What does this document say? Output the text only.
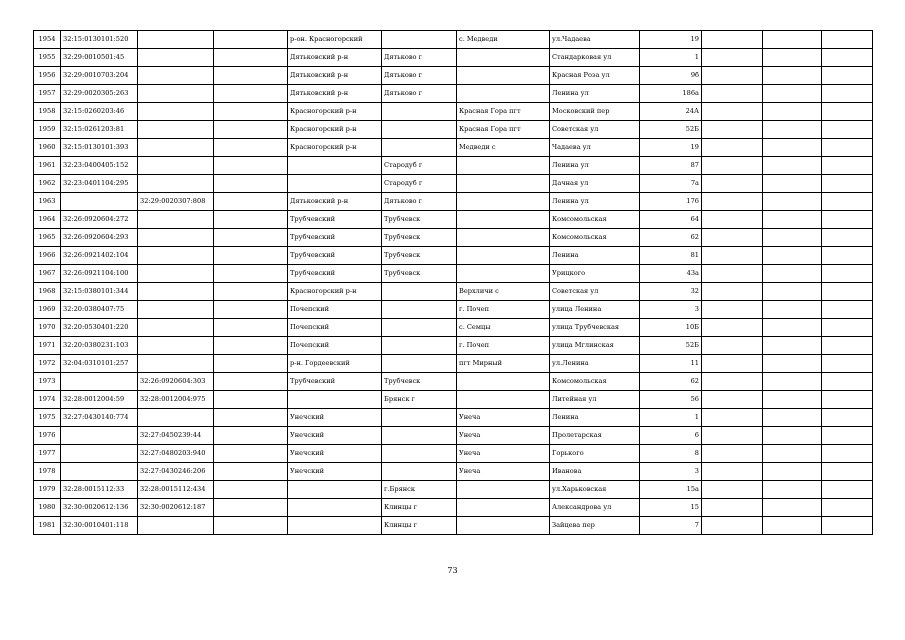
1954	32:15:0130101:520			р-он. Красногорский		с. Медведи	ул.Чадаева	19			
1955	32:29:0010501:45			Дятьковский р-н	Дятьково г		Стандарковая ул	1			
1956	32:29:0010703:204			Дятьковский р-н	Дятьково г		Красная Роза ул	9б			
1957	32:29:0020305:263			Дятьковский р-н	Дятьково г		Ленина ул	186а			
1958	32:15:0260203:46			Красногорский р-н		Красная Гора пгт	Московский пер	24А			
1959	32:15:0261203:81			Красногорский р-н		Красная Гора пгт	Советская ул	52Б			
1960	32:15:0130101:393			Красногорский р-н		Медведи с	Чадаева ул	19			
1961	32:23:0400405:152				Стародуб г		Ленина ул	87			
1962	32:23:0401104:295				Стародуб г		Дачная ул	7а			
1963		32:29:0020307:808		Дятьковский р-н	Дятьково г		Ленина ул	176			
1964	32:26:0920604:272			Трубчевский	Трубчевск		Комсомольская	64			
1965	32:26:0920604:293			Трубчевский	Трубчевск		Комсомольская	62			
1966	32:26:0921402:104			Трубчевский	Трубчевск		Ленина	81			
1967	32:26:0921104:100			Трубчевский	Трубчевск		Урицкого	43а			
1968	32:15:0380101:344			Красногорский р-н		Верхличи с	Советская ул	32			
1969	32:20:0380407:75			Почепский		г. Почеп	улица Ленина	3			
1970	32:20:0530401:220			Почепский		с. Семцы	улица Трубчевская	10Б			
1971	32:20:0380231:103			Почепский		г. Почеп	улица Мглинская	52Б			
1972	32:04:0310101:257			р-н. Гордеевский		пгт Мирный	ул.Ленина	11			
1973		32:26:0920604:303		Трубчевский	Трубчевск		Комсомольская	62			
1974	32:28:0012004:59	32:28:0012004:975			Брянск г		Литейная ул	56			
1975	32:27:0430140:774			Унечский		Унеча	Ленина	1			
1976		32:27:0450239:44		Унечский		Унеча	Пролетарская	6			
1977		32:27:0480203:940		Унечский		Унеча	Горького	8			
1978		32:27:0430246:206		Унечский		Унеча	Иванова	3			
1979	32:28:0015112:33	32:28:0015112:434			г.Брянск		ул.Харьковская	15а			
1980	32:30:0020612:136	32:30:0020612:187			Клинцы г		Александрова ул	15			
1981	32:30:0010401:118				Клинцы г		Зайцева пер	7			
73
